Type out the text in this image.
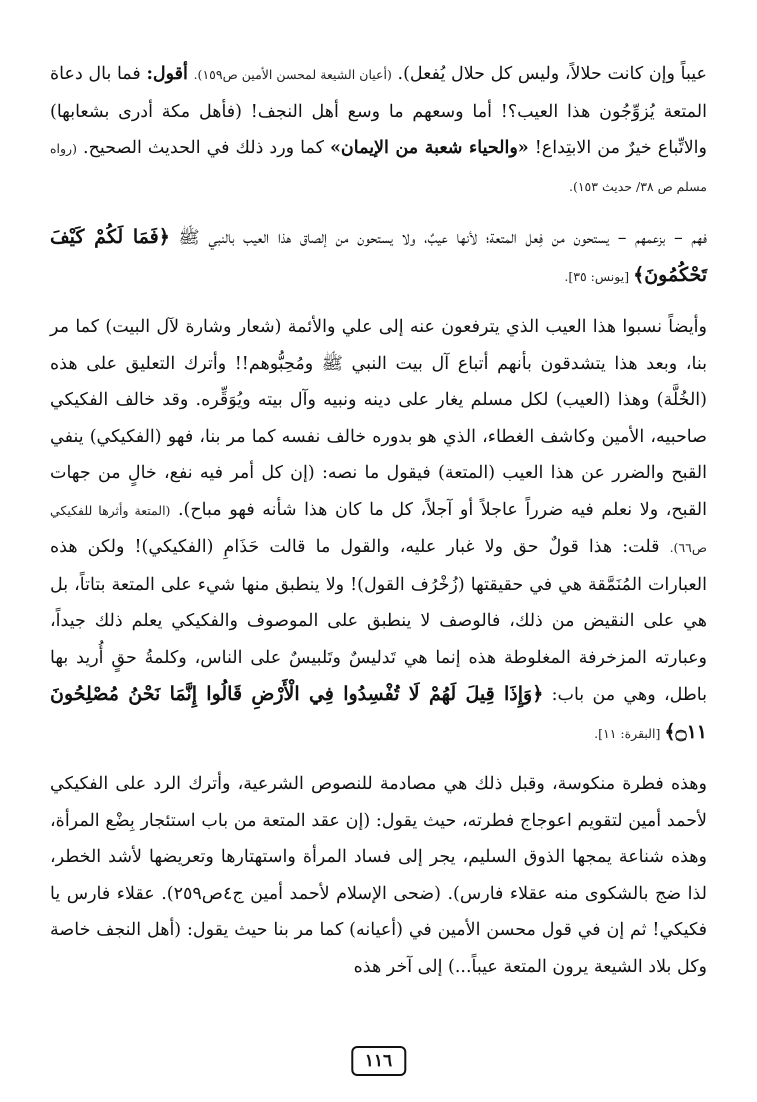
عيباً وإن كانت حلالاً، وليس كل حلال يُفعل). (أعيان الشيعة لمحسن الأمين ص١٥٩). أقول: فما بال دعاة المتعة يُزوِّجُون هذا العيب؟! أما وسعهم ما وسع أهل النجف! (فأهل مكة أدرى بشعابها) والاتِّباع خيرٌ من الابتِداع! «والحياء شعبة من الإيمان» كما ورد ذلك في الحديث الصحيح. (رواه مسلم ص ٣٨/ حديث ١٥٣).

فهم – بزعمهم – يستحون من فِعل المتعة؛ لأنها عيبٌ، ولا يستحون من إلصاق هذا العيب بالنبي ﷺ ﴿فَمَا لَكُمْ كَيْفَ تَحْكُمُونَ﴾ [يونس: ٣٥].

وأيضاً نسبوا هذا العيب الذي يترفعون عنه إلى علي والأئمة (شعار وشارة لآل البيت) كما مر بنا، وبعد هذا يتشدقون بأنهم أتباع آل بيت النبي ﷺ ومُحِبُّوهم!! وأترك التعليق على هذه (الخُلَّة) وهذا (العيب) لكل مسلم يغار على دينه ونبيه وآل بيته ويُوَقِّره. وقد خالف الفكيكي صاحبيه، الأمين وكاشف الغطاء، الذي هو بدوره خالف نفسه كما مر بنا، فهو (الفكيكي) ينفي القبح والضرر عن هذا العيب (المتعة) فيقول ما نصه: (إن كل أمر فيه نفع، خالٍ من جهات القبح، ولا نعلم فيه ضرراً عاجلاً أو آجلاً، كل ما كان هذا شأنه فهو مباح). (المتعة وأثرها للفكيكي ص٦٦). قلت: هذا قولٌ حق ولا غبار عليه، والقول ما قالت حَذَامِ (الفكيكي)! ولكن هذه العبارات المُنَمَّقة هي في حقيقتها (زُخْرُف القول)! ولا ينطبق منها شيء على المتعة بتاتاً، بل هي على النقيض من ذلك، فالوصف لا ينطبق على الموصوف والفكيكي يعلم ذلك جيداً، وعبارته المزخرفة المغلوطة هذه إنما هي تَدليسٌ وتَلبيسٌ على الناس، وكلمةُ حقٍ أُريد بها باطل، وهي من باب: ﴿وَإِذَا قِيلَ لَهُمْ لَا تُفْسِدُوا فِي الْأَرْضِ قَالُوا إِنَّمَا نَحْنُ مُصْلِحُونَ ۝١١﴾ [البقرة: ١١].

وهذه فطرة منكوسة، وقبل ذلك هي مصادمة للنصوص الشرعية، وأترك الرد على الفكيكي لأحمد أمين لتقويم اعوجاج فطرته، حيث يقول: (إن عقد المتعة من باب استئجار بِضْع المرأة، وهذه شناعة يمجها الذوق السليم، يجر إلى فساد المرأة واستهتارها وتعريضها لأشد الخطر، لذا ضج بالشكوى منه عقلاء فارس). (ضحى الإسلام لأحمد أمين ج٤ص٢٥٩). عقلاء فارس يا فكيكي! ثم إن في قول محسن الأمين في (أعيانه) كما مر بنا حيث يقول: (أهل النجف خاصة وكل بلاد الشيعة يرون المتعة عيباً...) إلى آخر هذه

١١٦
